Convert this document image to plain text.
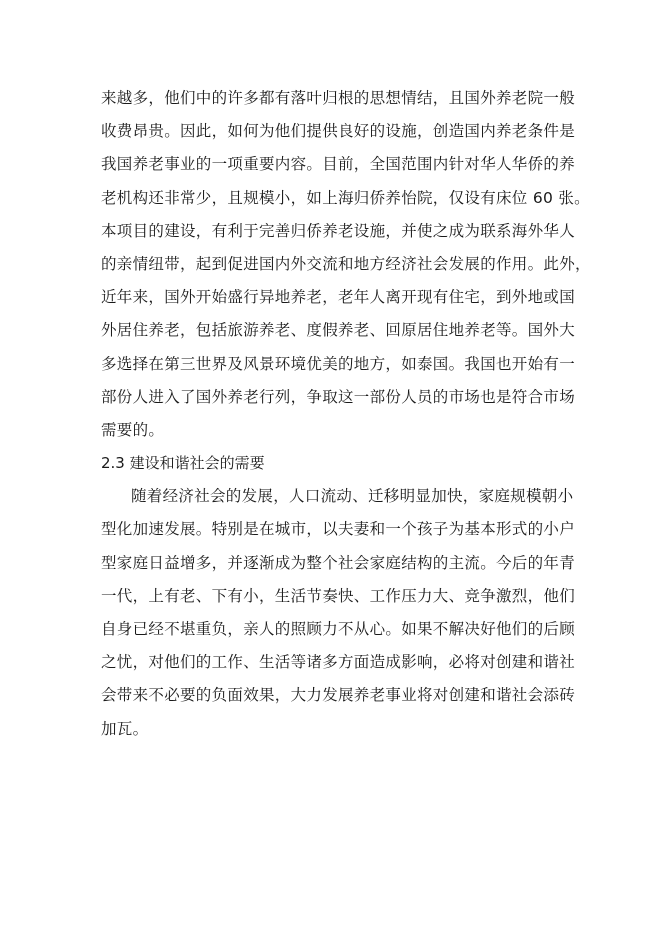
来越多，他们中的许多都有落叶归根的思想情结，且国外养老院一般
收费昂贵。因此，如何为他们提供良好的设施，创造国内养老条件是
我国养老事业的一项重要内容。目前，全国范围内针对华人华侨的养
老机构还非常少，且规模小，如上海归侨养怡院，仅设有床位 60 张。
本项目的建设，有利于完善归侨养老设施，并使之成为联系海外华人
的亲情纽带，起到促进国内外交流和地方经济社会发展的作用。此外，
近年来，国外开始盛行异地养老，老年人离开现有住宅，到外地或国
外居住养老，包括旅游养老、度假养老、回原居住地养老等。国外大
多选择在第三世界及风景环境优美的地方，如泰国。我国也开始有一
部份人进入了国外养老行列，争取这一部份人员的市场也是符合市场
需要的。
2.3 建设和谐社会的需要
随着经济社会的发展，人口流动、迁移明显加快，家庭规模朝小
型化加速发展。特别是在城市，以夫妻和一个孩子为基本形式的小户
型家庭日益增多，并逐渐成为整个社会家庭结构的主流。今后的年青
一代，上有老、下有小，生活节奏快、工作压力大、竞争激烈，他们
自身已经不堪重负，亲人的照顾力不从心。如果不解决好他们的后顾
之忧，对他们的工作、生活等诸多方面造成影响，必将对创建和谐社
会带来不必要的负面效果，大力发展养老事业将对创建和谐社会添砖
加瓦。
